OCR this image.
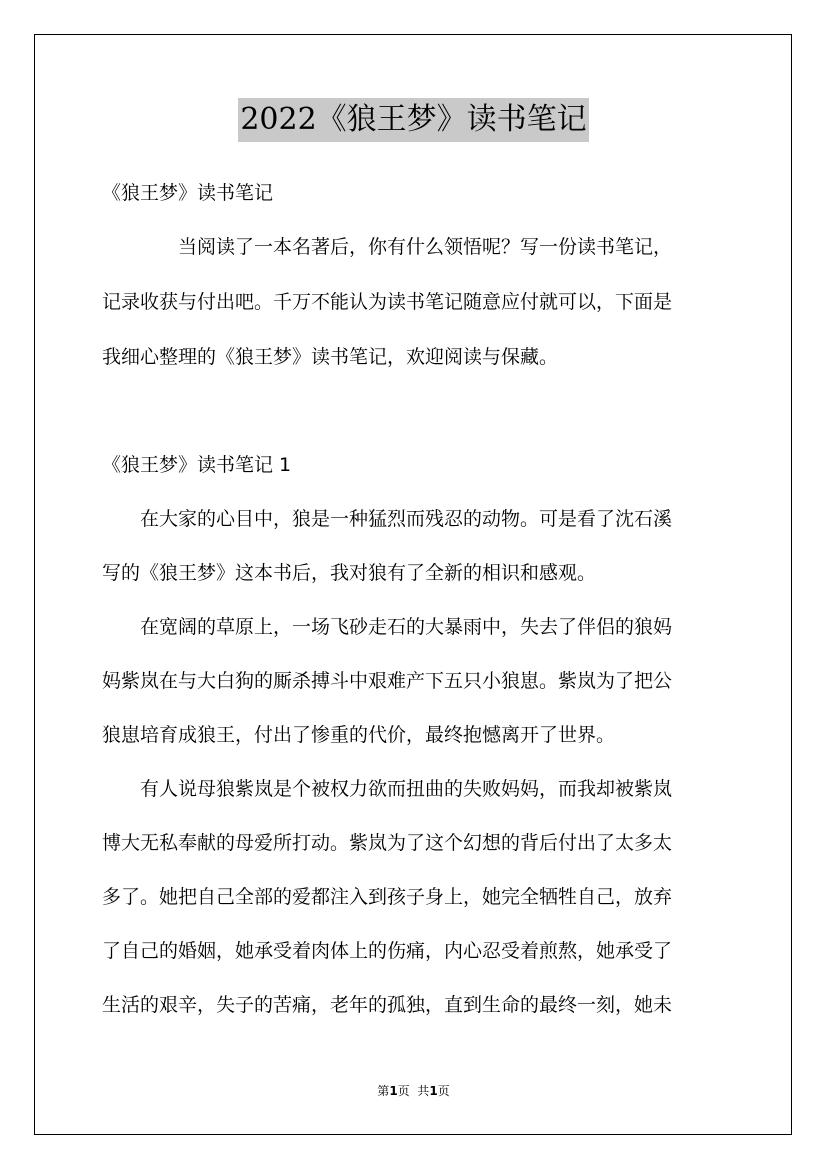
2022《狼王梦》读书笔记
《狼王梦》读书笔记
当阅读了一本名著后，你有什么领悟呢？写一份读书笔记，
记录收获与付出吧。千万不能认为读书笔记随意应付就可以，下面是
我细心整理的《狼王梦》读书笔记，欢迎阅读与保藏。
《狼王梦》读书笔记 1
在大家的心目中，狼是一种猛烈而残忍的动物。可是看了沈石溪
写的《狼王梦》这本书后，我对狼有了全新的相识和感观。
在宽阔的草原上，一场飞砂走石的大暴雨中，失去了伴侣的狼妈
妈紫岚在与大白狗的厮杀搏斗中艰难产下五只小狼崽。紫岚为了把公
狼崽培育成狼王，付出了惨重的代价，最终抱憾离开了世界。
有人说母狼紫岚是个被权力欲而扭曲的失败妈妈，而我却被紫岚
博大无私奉献的母爱所打动。紫岚为了这个幻想的背后付出了太多太
多了。她把自己全部的爱都注入到孩子身上，她完全牺牲自己，放弃
了自己的婚姻，她承受着肉体上的伤痛，内心忍受着煎熬，她承受了
生活的艰辛，失子的苦痛，老年的孤独，直到生命的最终一刻，她未
第1页  共1页
